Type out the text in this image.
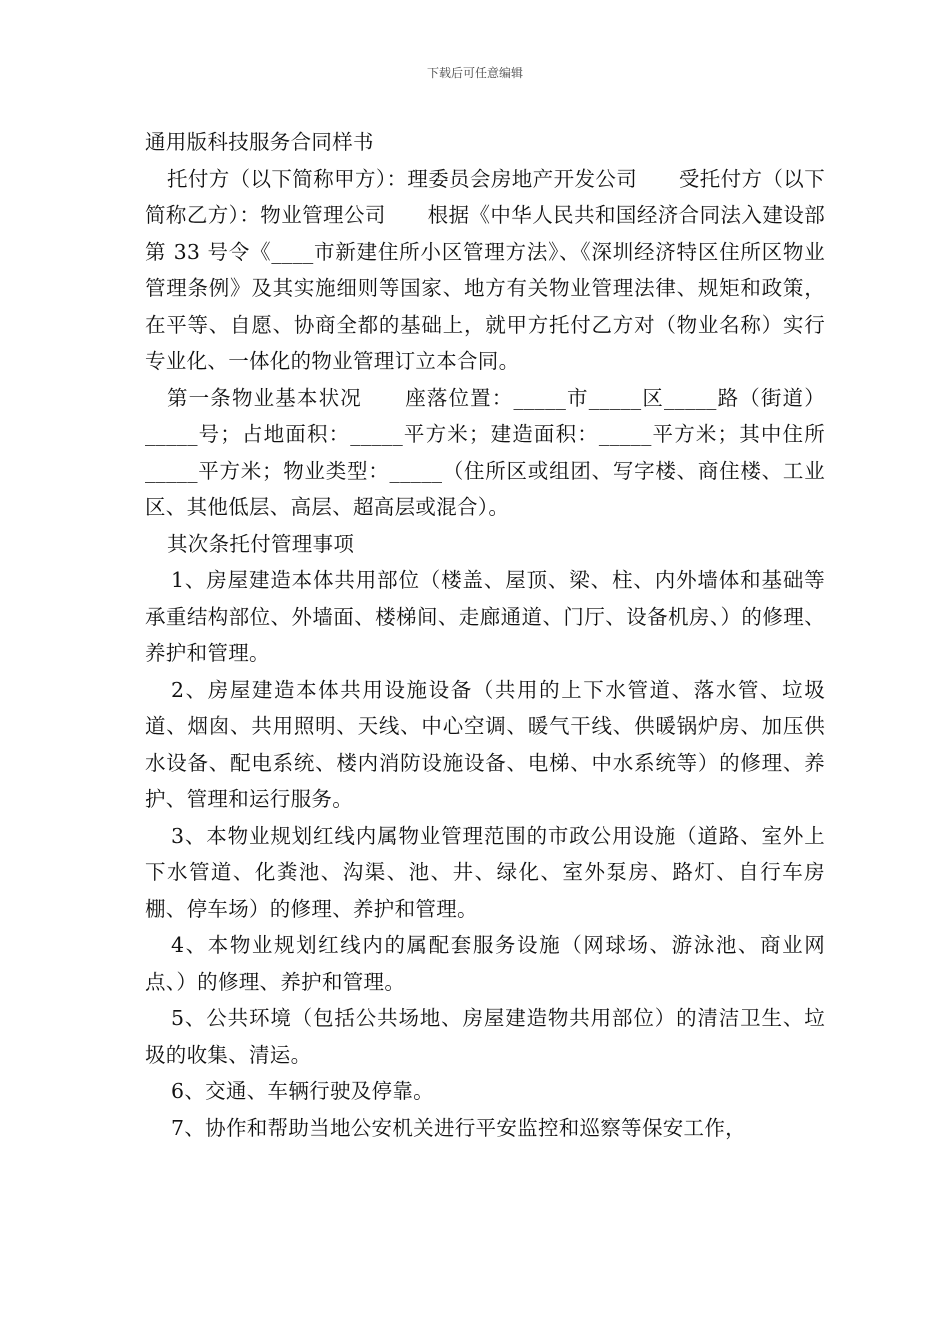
下载后可任意编辑

通用版科技服务合同样书

托付方（以下简称甲方）：理委员会房地产开发公司　　受托付方（以下简称乙方）：物业管理公司　　根据《中华人民共和国经济合同法入建设部第 33 号令《____市新建住所小区管理方法》、《深圳经济特区住所区物业管理条例》及其实施细则等国家、地方有关物业管理法律、规矩和政策，在平等、自愿、协商全都的基础上，就甲方托付乙方对（物业名称）实行专业化、一体化的物业管理订立本合同。

第一条物业基本状况　　座落位置：_____市_____区_____路（街道）_____号；占地面积：_____平方米；建造面积：_____平方米；其中住所_____平方米；物业类型：_____（住所区或组团、写字楼、商住楼、工业区、其他低层、高层、超高层或混合）。

其次条托付管理事项

1、房屋建造本体共用部位（楼盖、屋顶、梁、柱、内外墙体和基础等承重结构部位、外墙面、楼梯间、走廊通道、门厅、设备机房、）的修理、养护和管理。

2、房屋建造本体共用设施设备（共用的上下水管道、落水管、垃圾道、烟囱、共用照明、天线、中心空调、暖气干线、供暖锅炉房、加压供水设备、配电系统、楼内消防设施设备、电梯、中水系统等）的修理、养护、管理和运行服务。

3、本物业规划红线内属物业管理范围的市政公用设施（道路、室外上下水管道、化粪池、沟渠、池、井、绿化、室外泵房、路灯、自行车房棚、停车场）的修理、养护和管理。

4、本物业规划红线内的属配套服务设施（网球场、游泳池、商业网点、）的修理、养护和管理。

5、公共环境（包括公共场地、房屋建造物共用部位）的清洁卫生、垃圾的收集、清运。

6、交通、车辆行驶及停靠。

7、协作和帮助当地公安机关进行平安监控和巡察等保安工作，
